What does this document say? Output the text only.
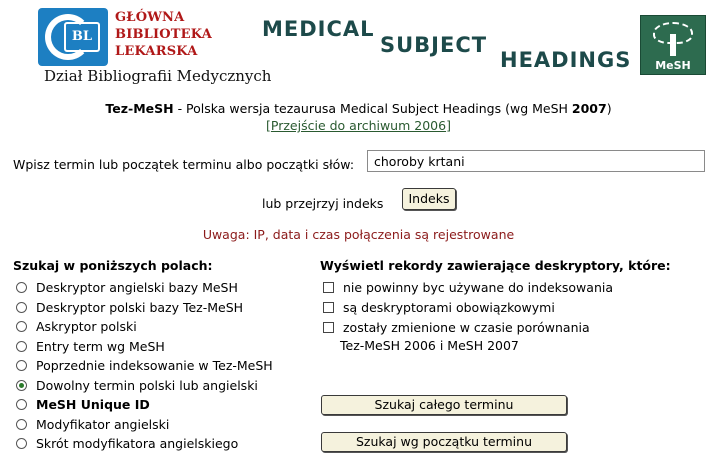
BL
GŁÓWNA
BIBLIOTEKA
LEKARSKA
Dział Bibliografii Medycznych
MEDICAL
SUBJECT
HEADINGS	MeSH
Tez-MeSH - Polska wersja tezaurusa Medical Subject Headings (wg MeSH 2007)
[Przejście do archiwum 2006]
Wpisz termin lub początek terminu albo początki słów:
choroby krtani
lub przejrzyj indeks	Indeks
Uwaga: IP, data i czas połączenia są rejestrowane
Szukaj w poniższych polach:
Deskryptor angielski bazy MeSH
Deskryptor polski bazy Tez-MeSH
Askryptor polski
Entry term wg MeSH
Poprzednie indeksowanie w Tez-MeSH
Dowolny termin polski lub angielski
MeSH Unique ID
Modyfikator angielski
Skrót modyfikatora angielskiego
Wyświetl rekordy zawierające deskryptory, które:
nie powinny byc używane do indeksowania
są deskryptorami obowiązkowymi
zostały zmienione w czasie porównania
Tez-MeSH 2006 i MeSH 2007
Szukaj całego terminu
Szukaj wg początku terminu
